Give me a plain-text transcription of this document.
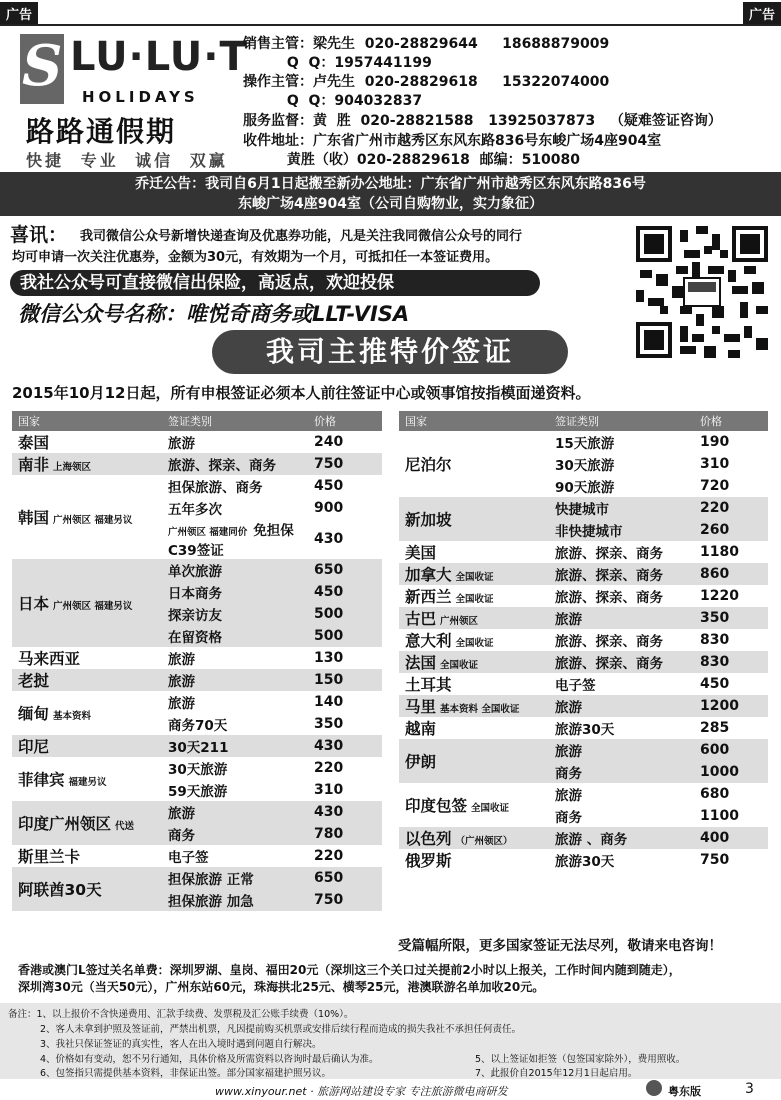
广告	广告
S LU·LU·T
HOLIDAYS
路路通假期
快捷 专业 诚信 双赢
销售主管：梁先生  020-28829644     18688879009
Q  Q：1957441199
操作主管：卢先生  020-28829618     15322074000
Q  Q：904032837
服务监督：黄  胜  020-28821588   13925037873   （疑难签证咨询）
收件地址：广东省广州市越秀区东风东路836号东峻广场4座904室
黄胜（收）020-28829618  邮编：510080
乔迁公告：我司自6月1日起搬至新办公地址：广东省广州市越秀区东风东路836号
东峻广场4座904室（公司自购物业，实力象征）
喜讯： 我司微信公众号新增快递查询及优惠券功能，凡是关注我同微信公众号的同行
均可申请一次关注优惠券，金额为30元，有效期为一个月，可抵扣任一本签证费用。
我社公众号可直接微信出保险，高返点，欢迎投保
微信公众号名称：唯悦奇商务或LLT-VISA
我司主推特价签证
2015年10月12日起，所有申根签证必须本人前往签证中心或领事馆按指模面递资料。
国家	签证类别	价格
泰国	旅游	240
南非 上海领区	旅游、探亲、商务	750
韩国 广州领区 福建另议	担保旅游、商务	450
	五年多次	900
	广州领区 福建同价 免担保C39签证	430
日本 广州领区 福建另议	单次旅游	650
	日本商务	450
	探亲访友	500
	在留资格	500
马来西亚	旅游	130
老挝	旅游	150
缅甸 基本资料	旅游	140
	商务70天	350
印尼	30天211	430
菲律宾 福建另议	30天旅游	220
	59天旅游	310
印度广州领区 代送	旅游	430
	商务	780
斯里兰卡	电子签	220
阿联酋30天	担保旅游 正常	650
	担保旅游 加急	750
国家	签证类别	价格
尼泊尔	15天旅游	190
	30天旅游	310
	90天旅游	720
新加坡	快捷城市	220
	非快捷城市	260
美国	旅游、探亲、商务	1180
加拿大 全国收证	旅游、探亲、商务	860
新西兰 全国收证	旅游、探亲、商务	1220
古巴 广州领区	旅游	350
意大利 全国收证	旅游、探亲、商务	830
法国 全国收证	旅游、探亲、商务	830
土耳其	电子签	450
马里 基本资料 全国收证	旅游	1200
越南	旅游30天	285
伊朗	旅游	600
	商务	1000
印度包签 全国收证	旅游	680
	商务	1100
以色列 （广州领区）	旅游 、商务	400
俄罗斯	旅游30天	750
受篇幅所限，更多国家签证无法尽列，敬请来电咨询！
香港或澳门L签过关名单费：深圳罗湖、皇岗、福田20元（深圳这三个关口过关提前2小时以上报关，工作时间内随到随走），
深圳湾30元（当天50元），广州东站60元，珠海拱北25元、横琴25元，港澳联游名单加收20元。
备注：1、以上报价不含快递费用、汇款手续费、发票税及汇公账手续费（10%）。
2、客人未拿到护照及签证前，严禁出机票，凡因提前购买机票或安排后续行程而造成的损失我社不承担任何责任。
3、我社只保证签证的真实性，客人在出入境时遇到问题自行解决。
4、价格如有变动，恕不另行通知，具体价格及所需资料以咨询时最后确认为准。	5、以上签证如拒签（包签国家除外），费用照收。
6、包签指只需提供基本资料，非保证出签。部分国家福建护照另议。	7、此报价自2015年12月1日起启用。
www.xinyour.net · 旅游网站建设专家 专注旅游微电商研发	粤东版	3
